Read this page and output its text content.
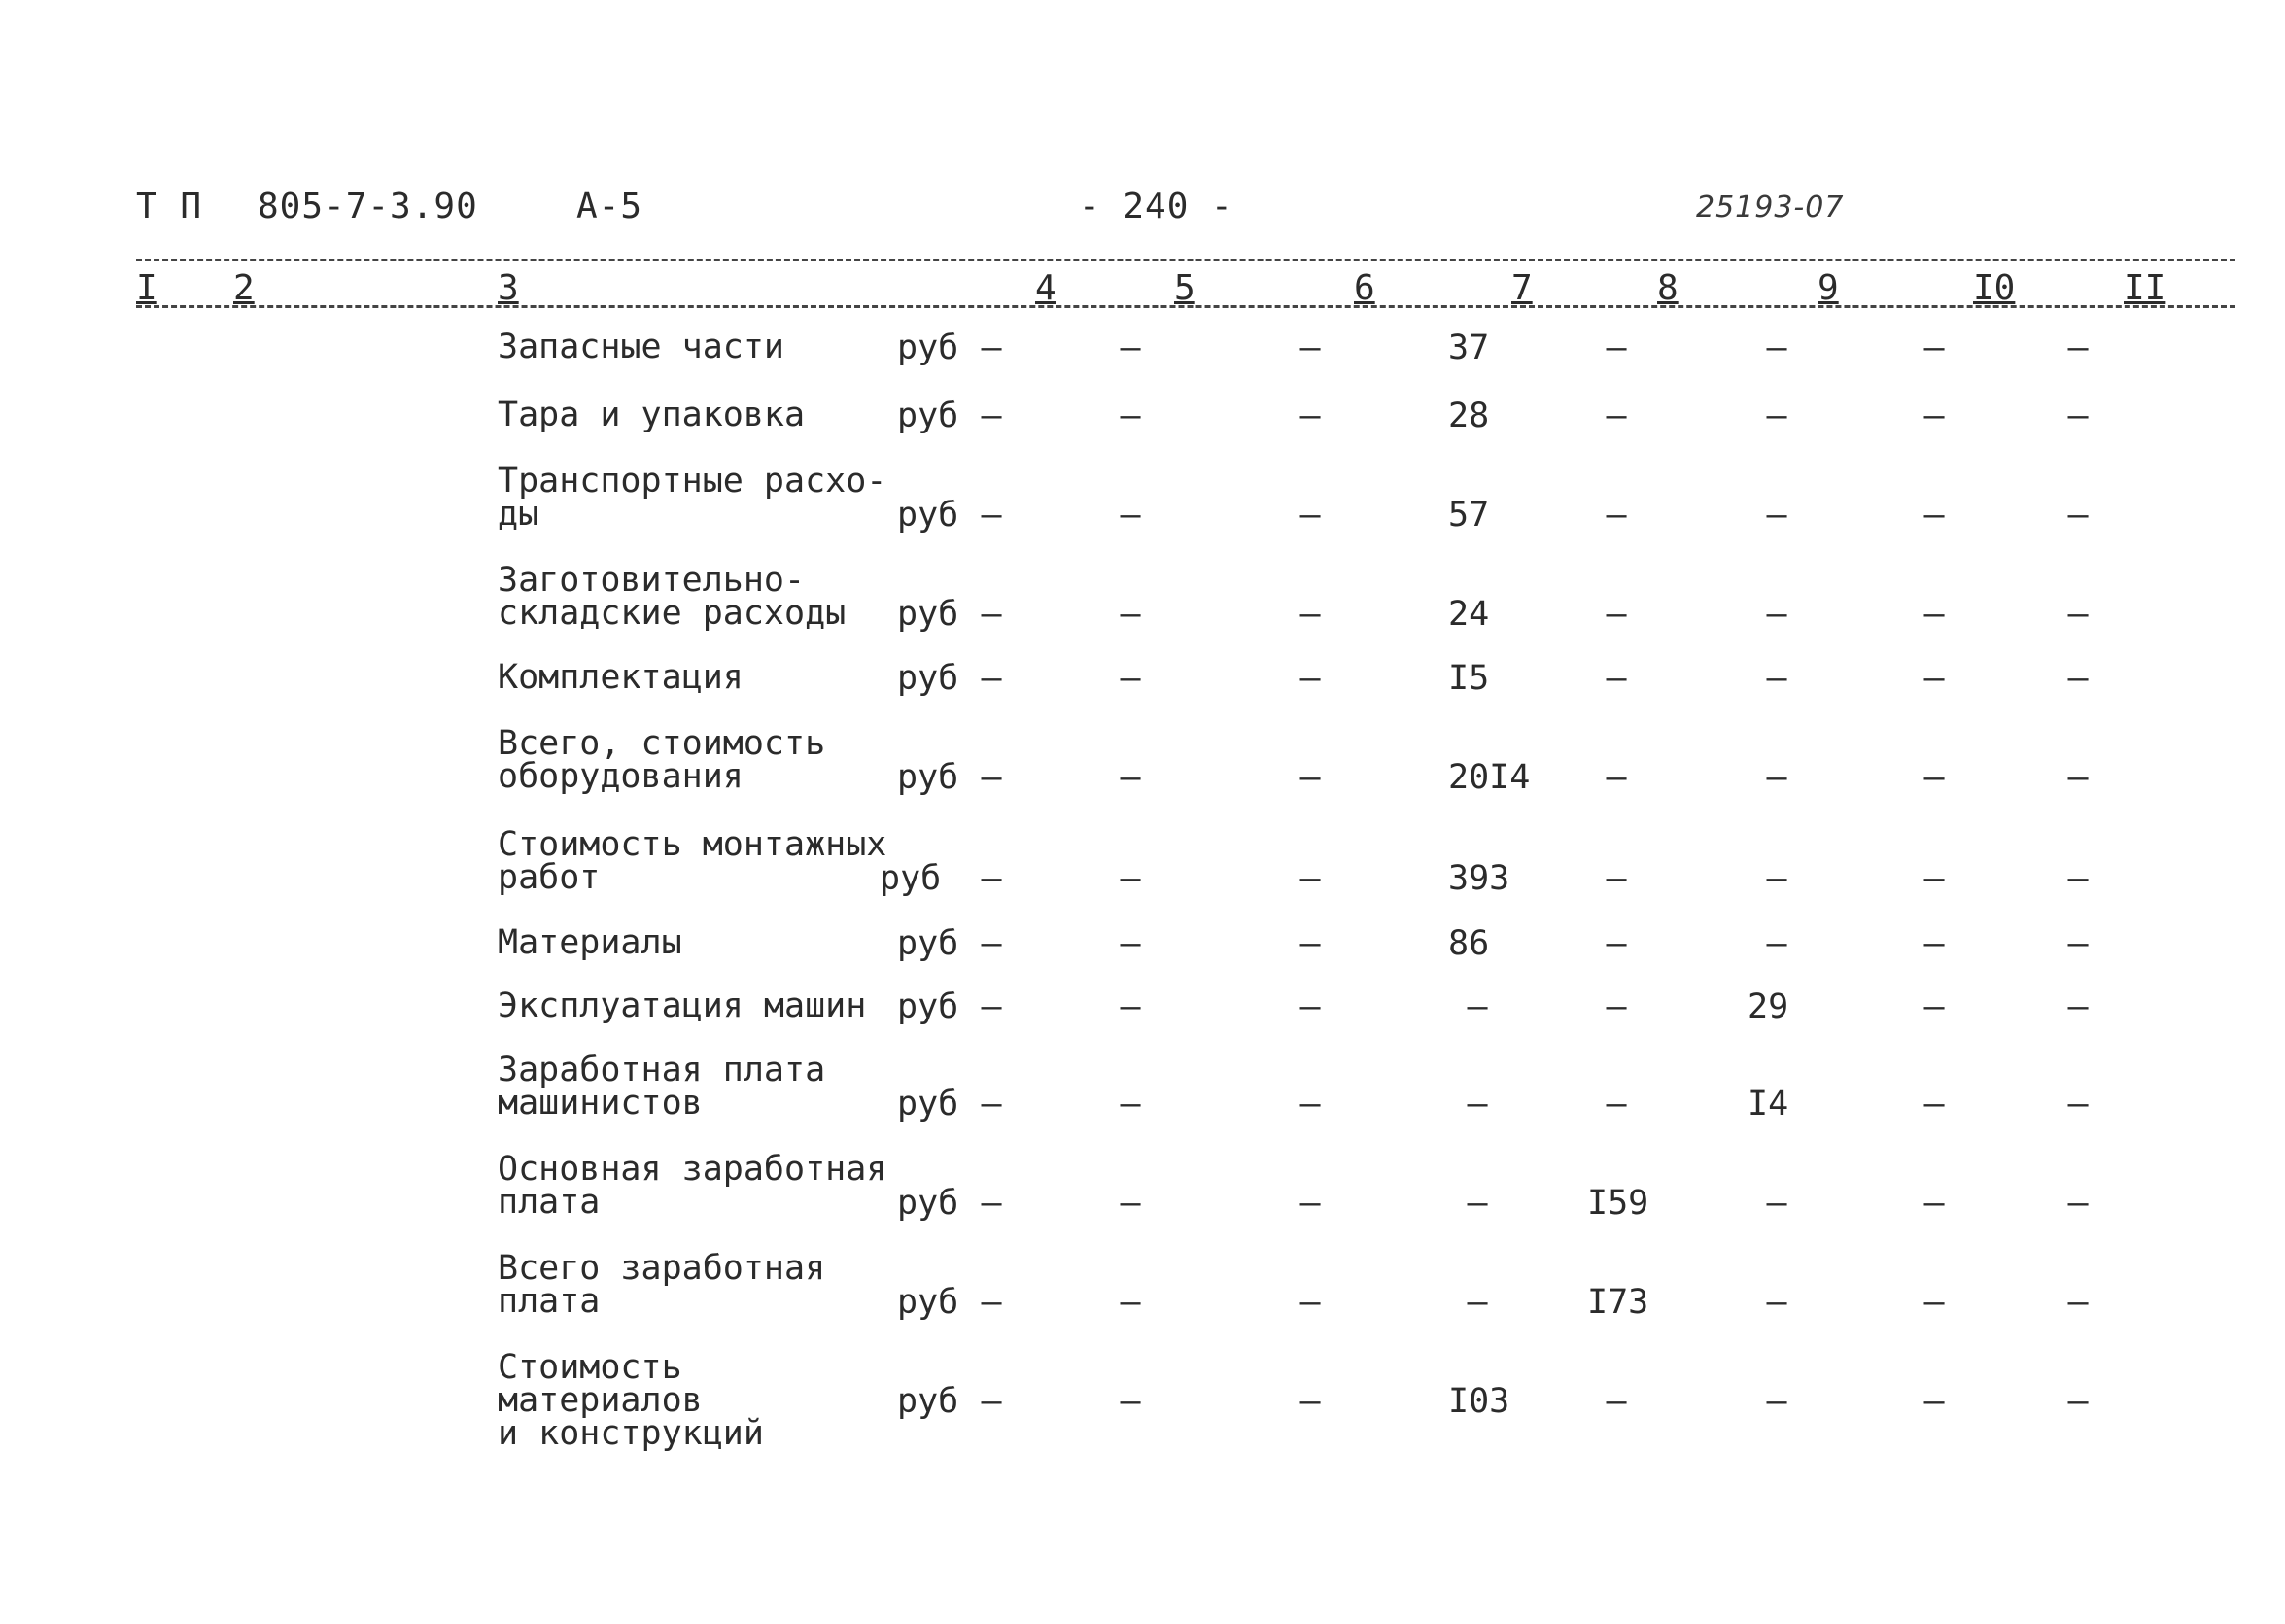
Т П 805-7-3.90	А-5	- 240 -	25193-07
I 2	3	4	5	6	7	8	9	I0	II
Запасные части	руб –	–	–	37	–	–	–	–
Тара и упаковка	руб –	–	–	28	–	–	–	–
Транспортные расхо-
ды	руб –	–	–	57	–	–	–	–
Заготовительно-
складские расходы	руб –	–	–	24	–	–	–	–
Комплектация	руб –	–	–	I5	–	–	–	–
Всего, стоимость
оборудования	руб –	–	–	20I4	–	–	–	–
Стоимость монтажных
работ	руб	–	–	–	393	–	–	–	–
Материалы	руб –	–	–	86	–	–	–	–
Эксплуатация машин руб –	–	–	–	–	29	–	–
Заработная плата
машинистов	руб –	–	–	–	–	I4	–	–
Основная заработная
плата	руб –	–	–	–	I59	–	–	–
Всего заработная
плата	руб –	–	–	–	I73	–	–	–
Стоимость материалов
и конструкций
руб –	–	–	I03	–	–	–	–
